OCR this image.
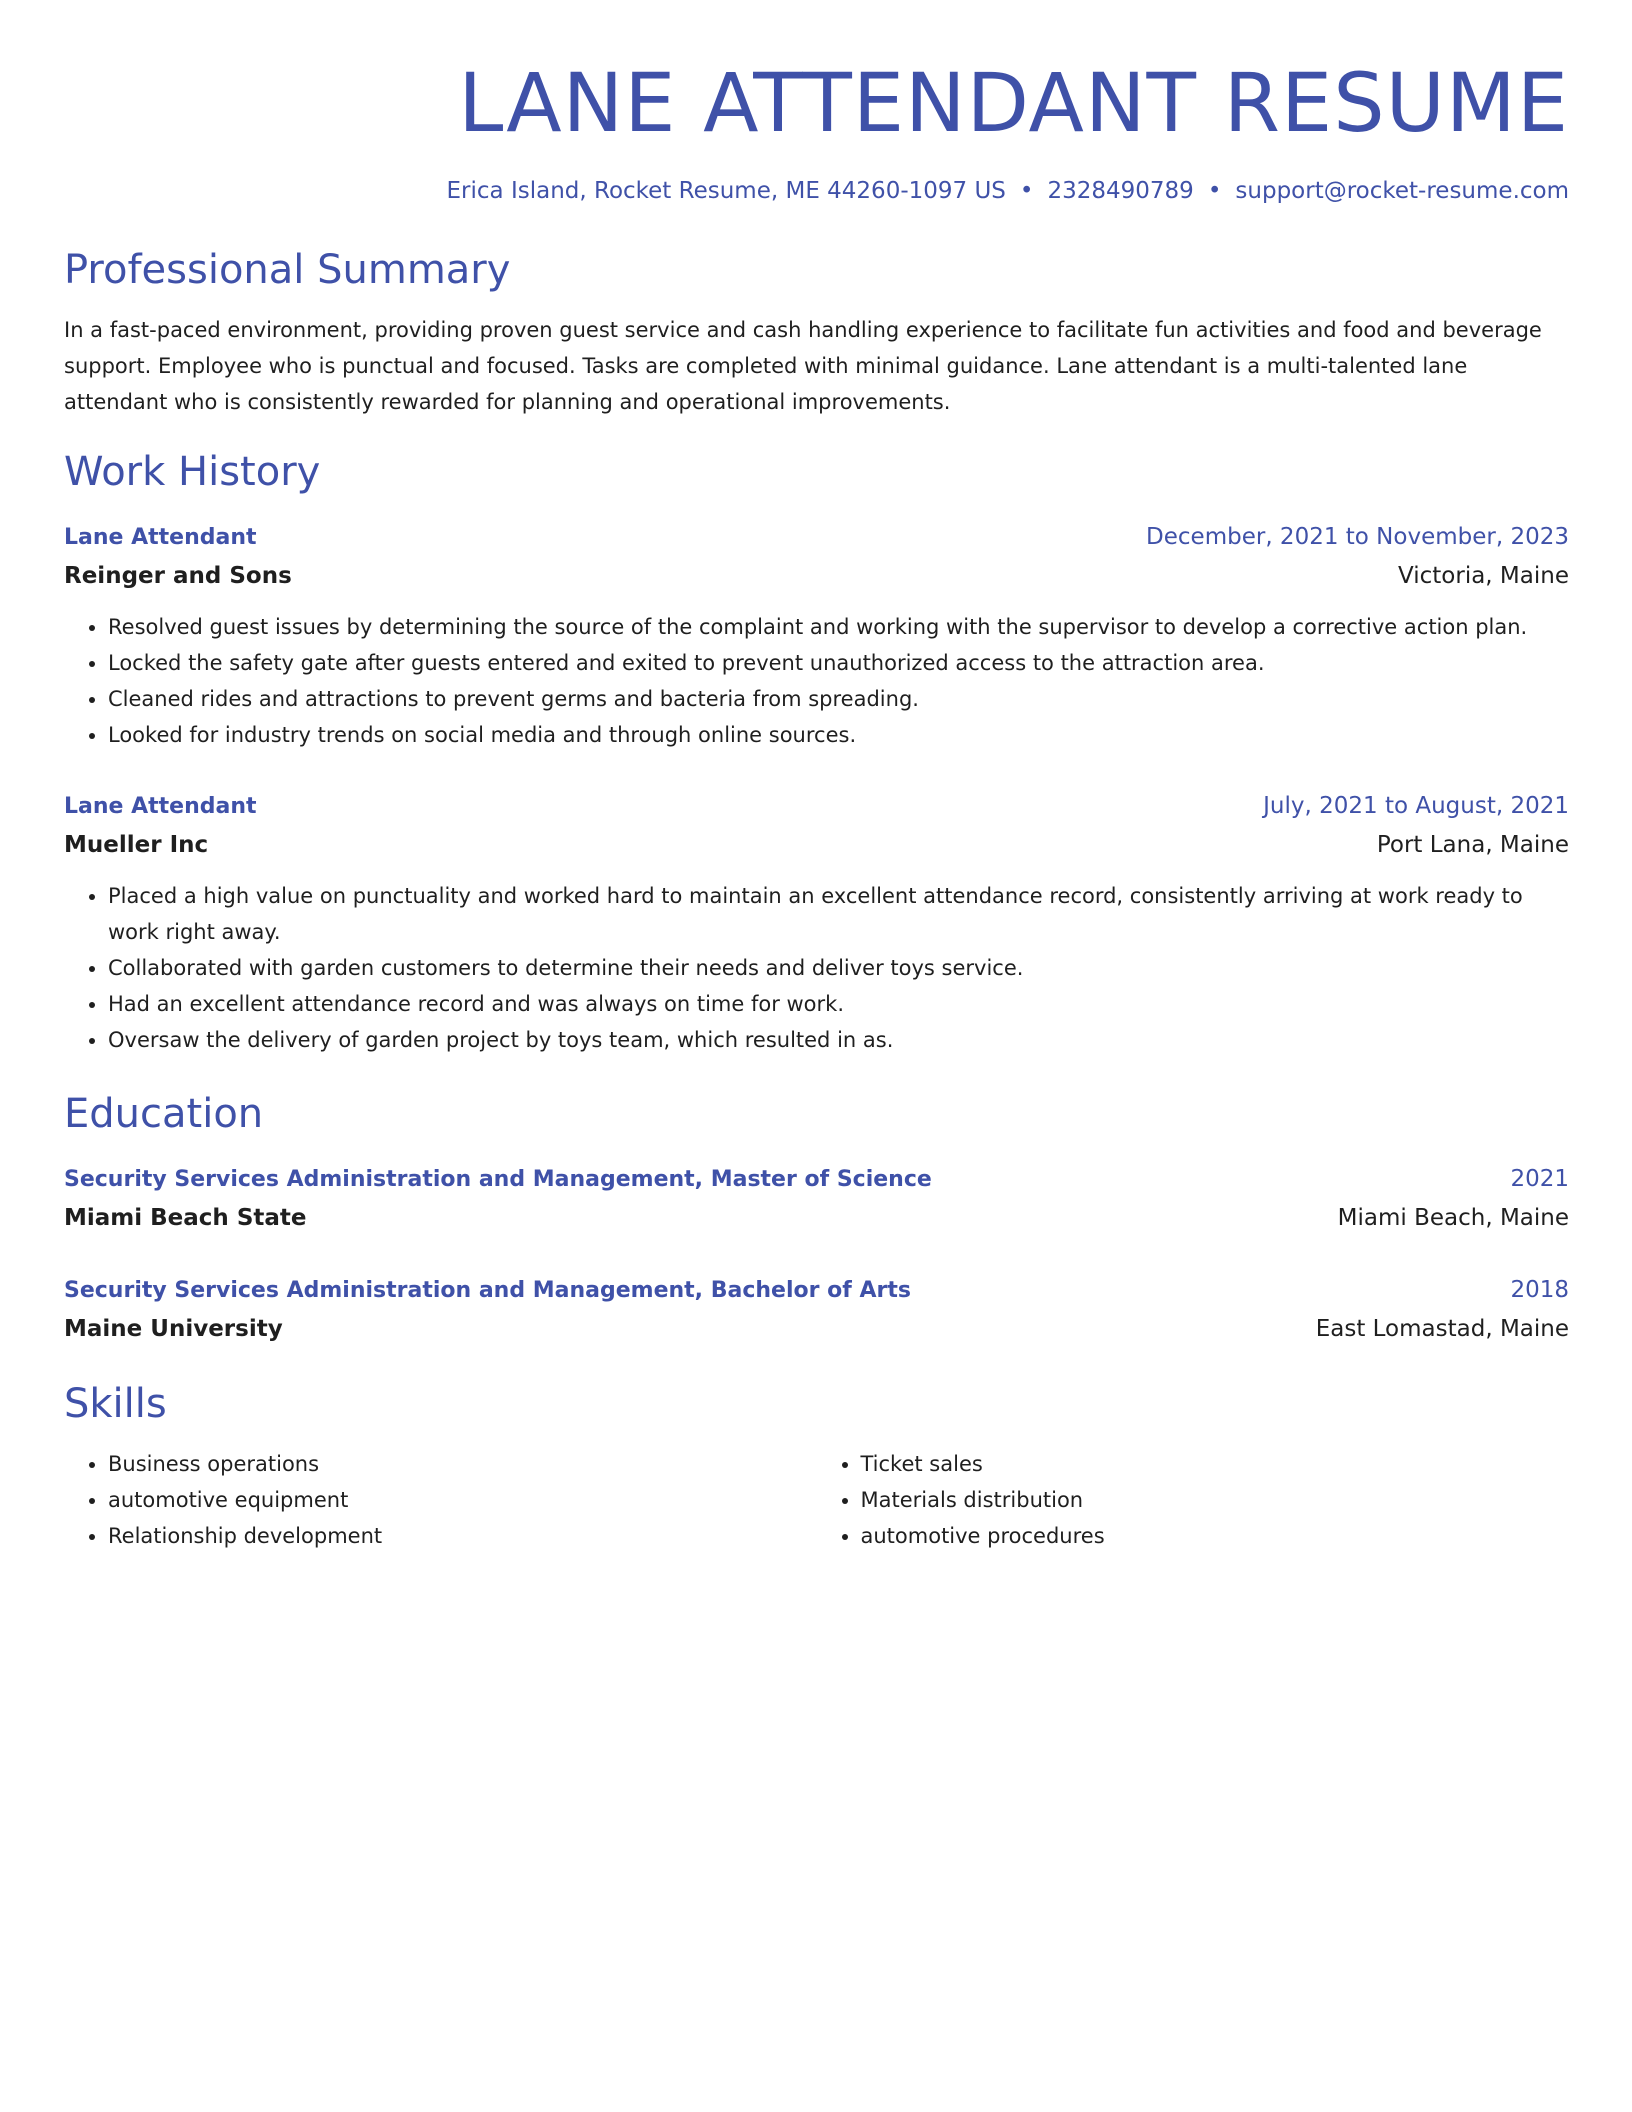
LANE ATTENDANT RESUME
Erica Island, Rocket Resume, ME 44260-1097 US • 2328490789 • support@rocket-resume.com
Professional Summary
In a fast-paced environment, providing proven guest service and cash handling experience to facilitate fun activities and food and beverage support. Employee who is punctual and focused. Tasks are completed with minimal guidance. Lane attendant is a multi-talented lane attendant who is consistently rewarded for planning and operational improvements.
Work History
Lane Attendant	December, 2021 to November, 2023
Reinger and Sons	Victoria, Maine
• Resolved guest issues by determining the source of the complaint and working with the supervisor to develop a corrective action plan.
• Locked the safety gate after guests entered and exited to prevent unauthorized access to the attraction area.
• Cleaned rides and attractions to prevent germs and bacteria from spreading.
• Looked for industry trends on social media and through online sources.
Lane Attendant	July, 2021 to August, 2021
Mueller Inc	Port Lana, Maine
• Placed a high value on punctuality and worked hard to maintain an excellent attendance record, consistently arriving at work ready to work right away.
• Collaborated with garden customers to determine their needs and deliver toys service.
• Had an excellent attendance record and was always on time for work.
• Oversaw the delivery of garden project by toys team, which resulted in as.
Education
Security Services Administration and Management, Master of Science	2021
Miami Beach State	Miami Beach, Maine
Security Services Administration and Management, Bachelor of Arts	2018
Maine University	East Lomastad, Maine
Skills
• Business operations
• automotive equipment
• Relationship development
• Ticket sales
• Materials distribution
• automotive procedures
